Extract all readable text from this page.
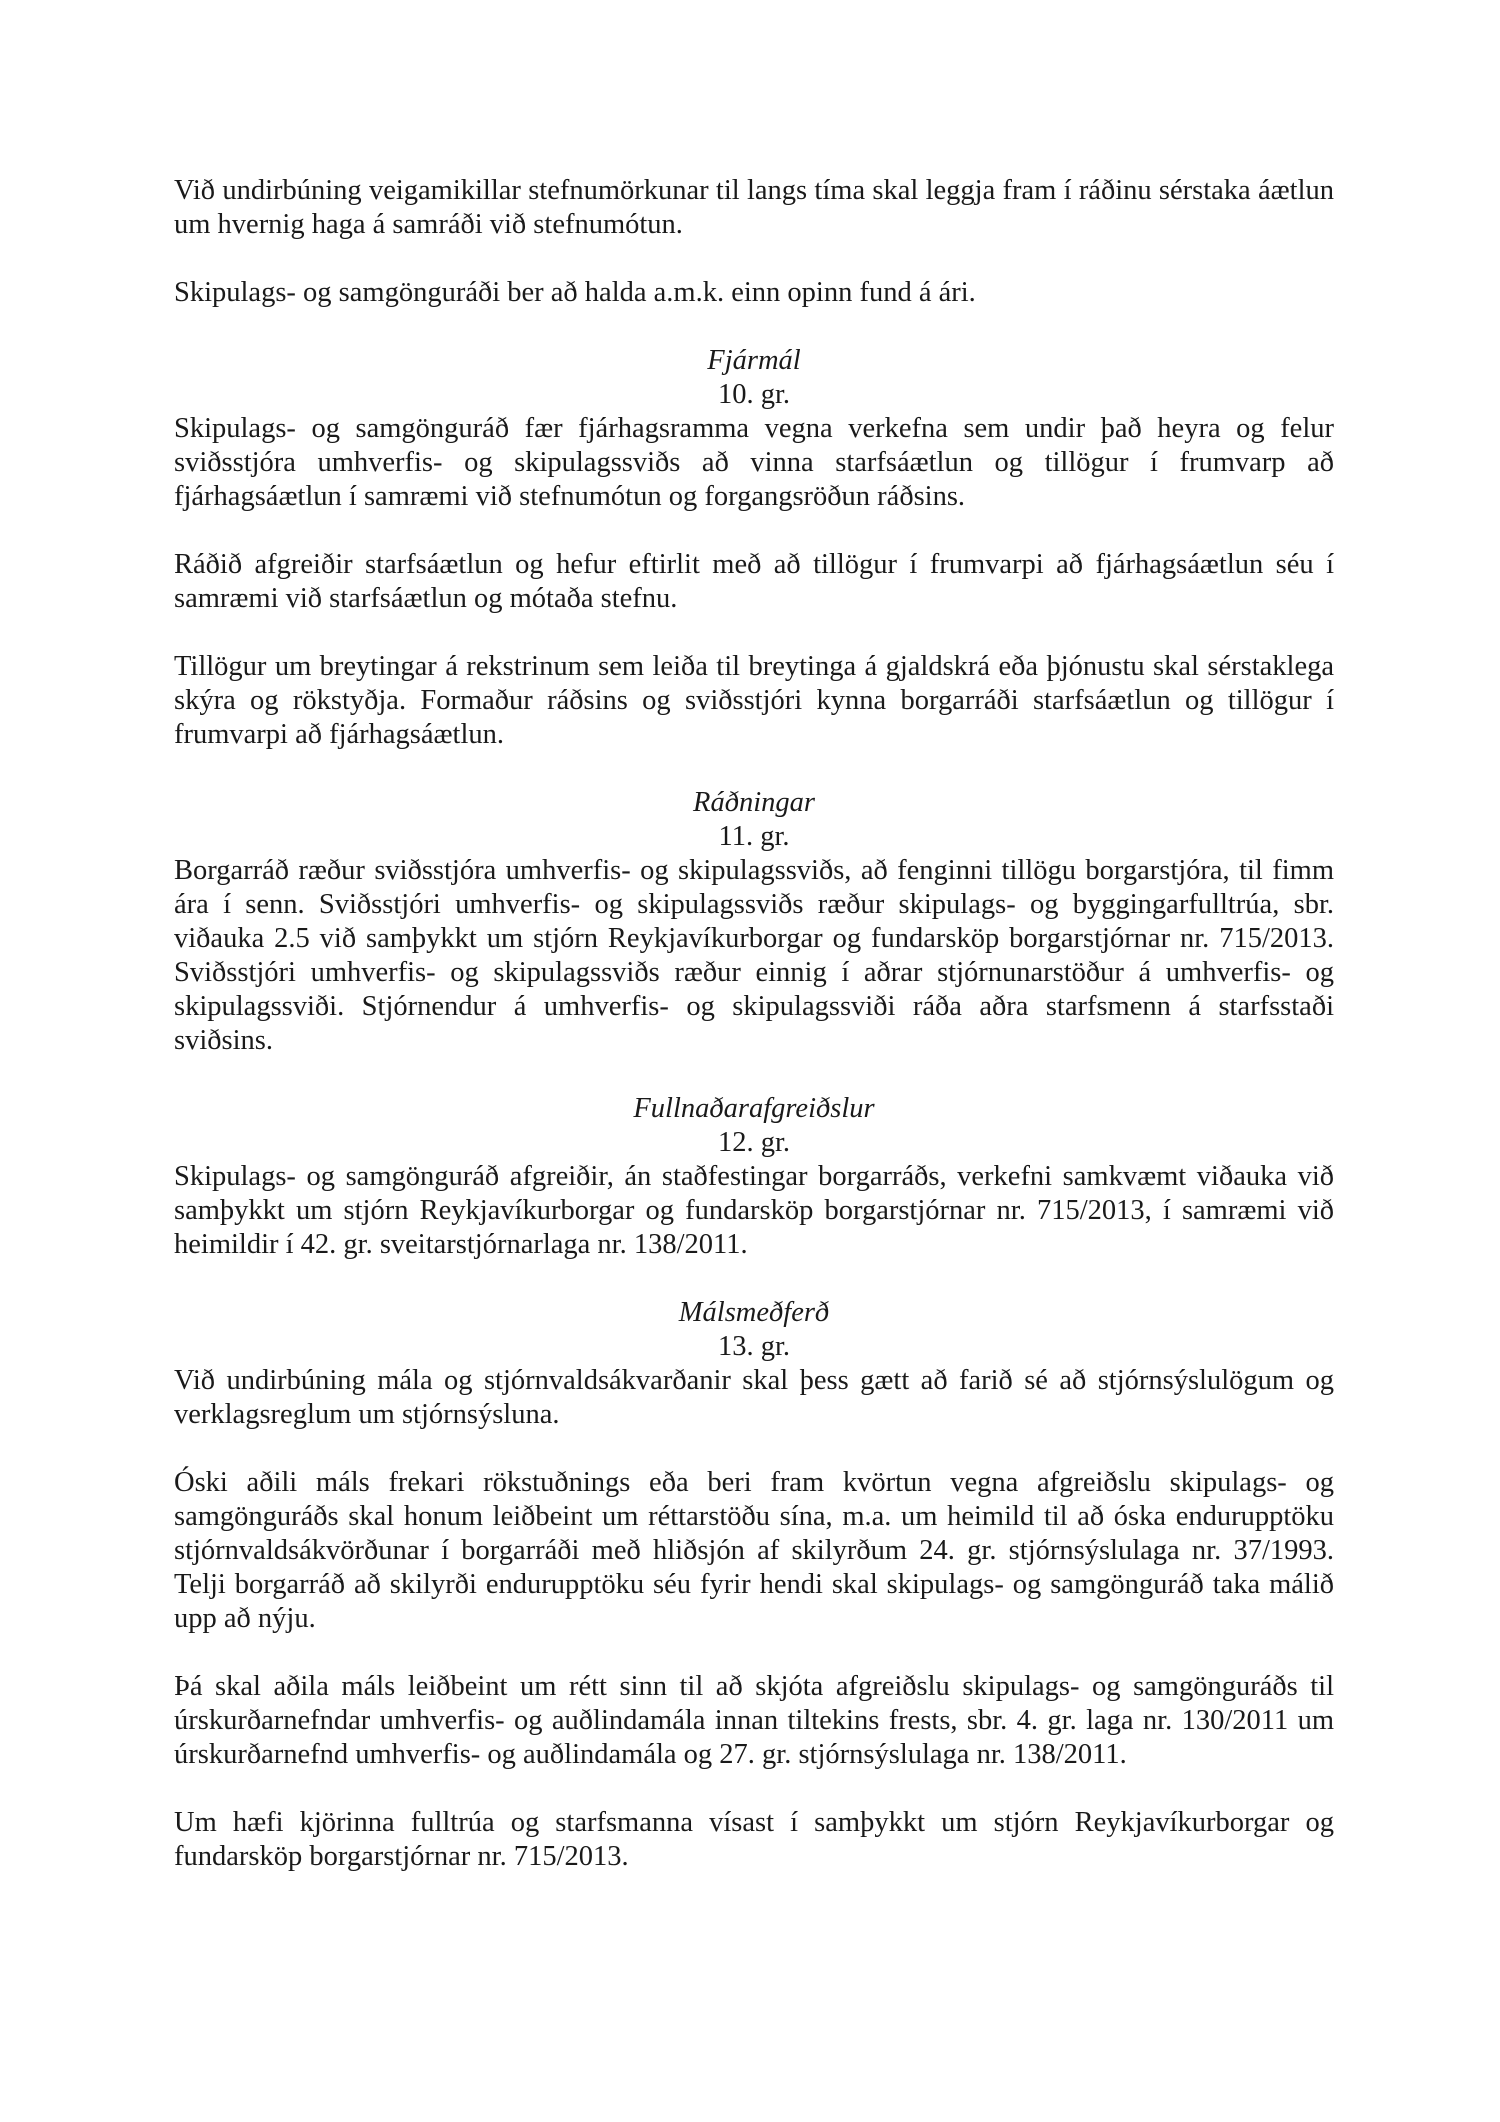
Við undirbúning veigamikillar stefnumörkunar til langs tíma skal leggja fram í ráðinu sérstaka áætlun um hvernig haga á samráði við stefnumótun.

Skipulags- og samgönguráði ber að halda a.m.k. einn opinn fund á ári.

Fjármál

10. gr.

Skipulags- og samgönguráð fær fjárhagsramma vegna verkefna sem undir það heyra og felur sviðsstjóra umhverfis- og skipulagssviðs að vinna starfsáætlun og tillögur í frumvarp að fjárhagsáætlun í samræmi við stefnumótun og forgangsröðun ráðsins.

Ráðið afgreiðir starfsáætlun og hefur eftirlit með að tillögur í frumvarpi að fjárhagsáætlun séu í samræmi við starfsáætlun og mótaða stefnu.

Tillögur um breytingar á rekstrinum sem leiða til breytinga á gjaldskrá eða þjónustu skal sérstaklega skýra og rökstyðja. Formaður ráðsins og sviðsstjóri kynna borgarráði starfsáætlun og tillögur í frumvarpi að fjárhagsáætlun.

Ráðningar

11. gr.

Borgarráð ræður sviðsstjóra umhverfis- og skipulagssviðs, að fenginni tillögu borgarstjóra, til fimm ára í senn. Sviðsstjóri umhverfis- og skipulagssviðs ræður skipulags- og byggingarfulltrúa, sbr. viðauka 2.5 við samþykkt um stjórn Reykjavíkurborgar og fundarsköp borgarstjórnar nr. 715/2013. Sviðsstjóri umhverfis- og skipulagssviðs ræður einnig í aðrar stjórnunarstöður á umhverfis- og skipulagssviði. Stjórnendur á umhverfis- og skipulagssviði ráða aðra starfsmenn á starfsstaði sviðsins.

Fullnaðarafgreiðslur

12. gr.

Skipulags- og samgönguráð afgreiðir, án staðfestingar borgarráðs, verkefni samkvæmt viðauka við samþykkt um stjórn Reykjavíkurborgar og fundarsköp borgarstjórnar nr. 715/2013, í samræmi við heimildir í 42. gr. sveitarstjórnarlaga nr. 138/2011.

Málsmeðferð

13. gr.

Við undirbúning mála og stjórnvaldsákvarðanir skal þess gætt að farið sé að stjórnsýslulögum og verklagsreglum um stjórnsýsluna.

Óski aðili máls frekari rökstuðnings eða beri fram kvörtun vegna afgreiðslu skipulags- og samgönguráðs skal honum leiðbeint um réttarstöðu sína, m.a. um heimild til að óska endurupptöku stjórnvaldsákvörðunar í borgarráði með hliðsjón af skilyrðum 24. gr. stjórnsýslulaga nr. 37/1993. Telji borgarráð að skilyrði endurupptöku séu fyrir hendi skal skipulags- og samgönguráð taka málið upp að nýju.

Þá skal aðila máls leiðbeint um rétt sinn til að skjóta afgreiðslu skipulags- og samgönguráðs til úrskurðarnefndar umhverfis- og auðlindamála innan tiltekins frests, sbr. 4. gr. laga nr. 130/2011 um úrskurðarnefnd umhverfis- og auðlindamála og 27. gr. stjórnsýslulaga nr. 138/2011.

Um hæfi kjörinna fulltrúa og starfsmanna vísast í samþykkt um stjórn Reykjavíkurborgar og fundarsköp borgarstjórnar nr. 715/2013.
